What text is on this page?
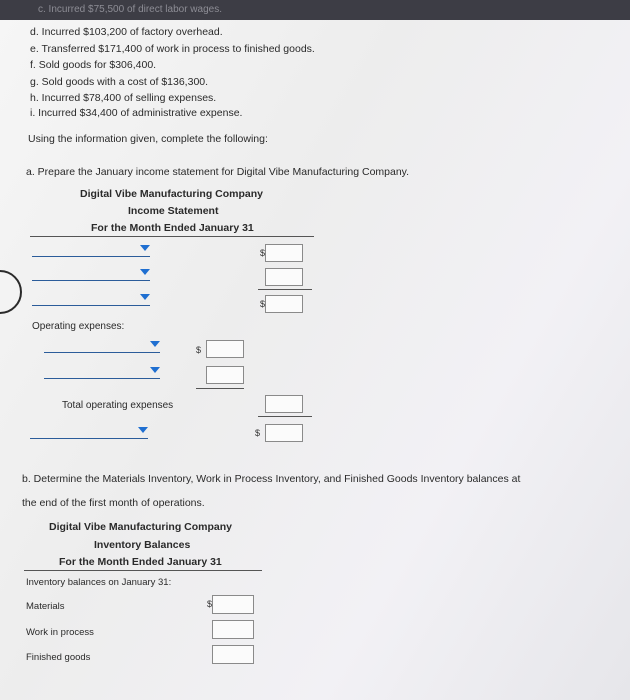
c. Incurred $75,500 of direct labor wages.
d. Incurred $103,200 of factory overhead.
e. Transferred $171,400 of work in process to finished goods.
f. Sold goods for $306,400.
g. Sold goods with a cost of $136,300.
h. Incurred $78,400 of selling expenses.
i. Incurred $34,400 of administrative expense.
Using the information given, complete the following:
a. Prepare the January income statement for Digital Vibe Manufacturing Company.
Digital Vibe Manufacturing Company
Income Statement
For the Month Ended January 31
$
$
Operating expenses:
$
Total operating expenses
$
b. Determine the Materials Inventory, Work in Process Inventory, and Finished Goods Inventory balances at
the end of the first month of operations.
Digital Vibe Manufacturing Company
Inventory Balances
For the Month Ended January 31
Inventory balances on January 31:
Materials	$
Work in process
Finished goods
